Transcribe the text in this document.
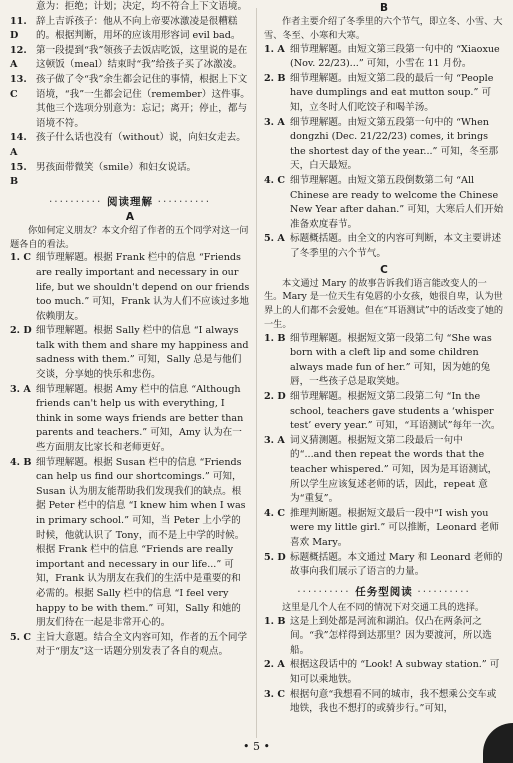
意为：拒绝；计划；决定，均不符合上下文语境。

11. D
辞上吉诉孩子：他从不向上帝要冰激凌是很糟糕的。根据判断，用坏的应该用形容词 evil bad。
12. A
第一段提到“我”领孩子去饭店吃饭，这里说的是在这顿饭（meal）结束时“我”给孩子买了冰激凌。
13. C
孩子做了令“我”余生都会记住的事情，根据上下文语境，“我”一生都会记住（remember）这件事。其他三个选项分别意为：忘记；离开；停止，都与语境不符。
14. A
孩子什么话也没有（without）说，向妇女走去。
15. B
男孩面带微笑（smile）和妇女说话。
·········· 阅读理解 ··········
A

你如何定义朋友？本文介绍了作者的五个同学对这一问题各自的看法。

1. C 细节理解题。根据 Frank 栏中的信息 “Friends are really important and necessary in our life, but we shouldn't depend on our friends too much.” 可知，Frank 认为人们不应该过多地依赖朋友。
2. D 细节理解题。根据 Sally 栏中的信息 “I always talk with them and share my happiness and sadness with them.” 可知，Sally 总是与他们交谈，分享她的快乐和悲伤。
3. A 细节理解题。根据 Amy 栏中的信息 “Although friends can't help us with everything, I think in some ways friends are better than parents and teachers.” 可知，Amy 认为在一些方面朋友比家长和老师更好。
4. B 细节理解题。根据 Susan 栏中的信息 “Friends can help us find our shortcomings.” 可知，Susan 认为朋友能帮助我们发现我们的缺点。根据 Peter 栏中的信息 “I knew him when I was in primary school.” 可知，当 Peter 上小学的时候，他就认识了 Tony，而不是上中学的时候。根据 Frank 栏中的信息 “Friends are really important and necessary in our life...” 可知，Frank 认为朋友在我们的生活中是重要的和必需的。根据 Sally 栏中的信息 “I feel very happy to be with them.” 可知，Sally 和她的朋友们待在一起是非常开心的。
5. C 主旨大意题。结合全文内容可知，作者的五个同学对于“朋友”这一话题分别发表了各自的观点。
B

作者主要介绍了冬季里的六个节气，即立冬、小雪、大雪、冬至、小寒和大寒。

1. A 细节理解题。由短文第三段第一句中的 “Xiaoxue (Nov. 22/23)...” 可知，小雪在 11 月份。
2. B 细节理解题。由短文第二段的最后一句 “People have dumplings and eat mutton soup.” 可知，立冬时人们吃饺子和喝羊汤。
3. A 细节理解题。由短文第五段第一句中的 “When dongzhi (Dec. 21/22/23) comes, it brings the shortest day of the year...” 可知，冬至那天，白天最短。
4. C 细节理解题。由短文第五段倒数第二句 “All Chinese are ready to welcome the Chinese New Year after dahan.” 可知，大寒后人们开始准备欢度春节。
5. A 标题概括题。由全文的内容可判断，本文主要讲述了冬季里的六个节气。
C

本文通过 Mary 的故事告诉我们语言能改变人的一生。Mary 是一位天生有兔唇的小女孩，她很自卑，认为世界上的人们都不会爱她。但在“耳语测试”中的话改变了她的一生。

1. B 细节理解题。根据短文第一段第二句 “She was born with a cleft lip and some children always made fun of her.” 可知，因为她的兔唇，一些孩子总是取笑她。
2. D 细节理解题。根据短文第二段第二句 “In the school, teachers gave students a ‘whisper test’ every year.” 可知，“耳语测试”每年一次。
3. A 词义猜测题。根据短文第二段最后一句中的“...and then repeat the words that the teacher whispered.” 可知，因为是耳语测试，所以学生应该复述老师的话，因此，repeat 意为“重复”。
4. C 推理判断题。根据短文最后一段中“I wish you were my little girl.” 可以推断，Leonard 老师喜欢 Mary。
5. D 标题概括题。本文通过 Mary 和 Leonard 老师的故事向我们展示了语言的力量。
·········· 任务型阅读 ··········

这里是几个人在不同的情况下对交通工具的选择。

1. B 这是上到处都是河流和湖泊。仅凸在两条河之间。“我”怎样得到达那里？因为要渡河，所以选船。
2. A 根据这段话中的 “Look! A subway station.” 可知可以乘地铁。
3. C 根据句意“我想看不同的城市，我不想乘公交车或地铁，我也不想打的或骑步行。”可知，
• 5 •
